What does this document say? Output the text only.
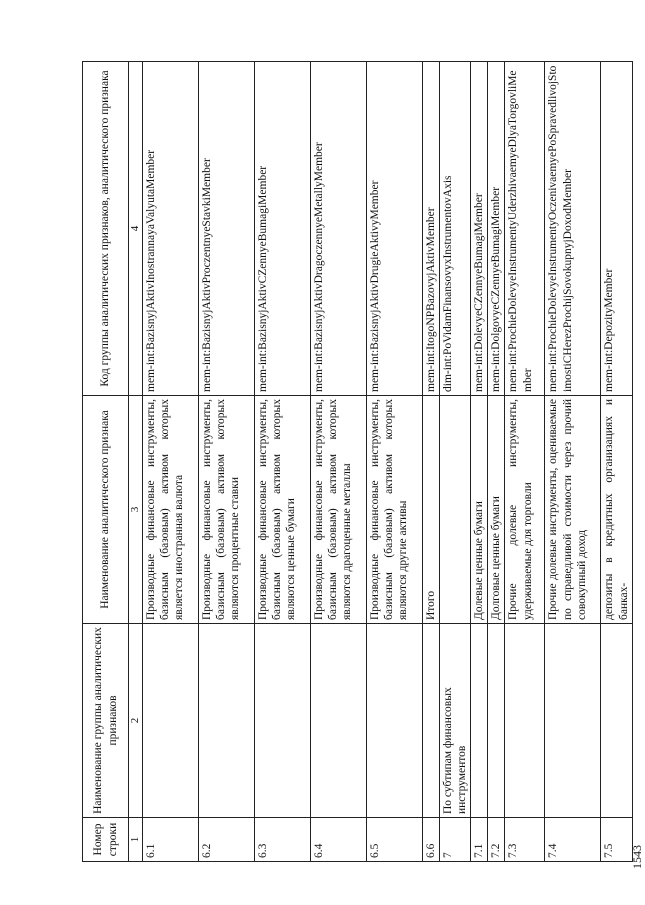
1543
Номер строки	Наименование группы аналитических признаков	Наименование аналитического признака	Код группы аналитических признаков, аналитического признака
1	2	3	4
6.1		Производные финансовые инструменты, базисным (базовым) активом которых является иностранная валюта	mem-int:BazisnyjAktivInostrannayaValyutaMember
6.2		Производные финансовые инструменты, базисным (базовым) активом которых являются процентные ставки	mem-int:BazisnyjAktivProczentnyeStavkiMember
6.3		Производные финансовые инструменты, базисным (базовым) активом которых являются ценные бумаги	mem-int:BazisnyjAktivCZennyeBumagiMember
6.4		Производные финансовые инструменты, базисным (базовым) активом которых являются драгоценные металлы	mem-int:BazisnyjAktivDragoczennyeMetallyMember
6.5		Производные финансовые инструменты, базисным (базовым) активом которых являются другие активы	mem-int:BazisnyjAktivDrugieAktivyMember
6.6		Итого	mem-int:ItogoNPBazovyjAktivMember
7	По субтипам финансовых инструментов		dim-int:PoVidamFinansovyxInstrumentovAxis
7.1		Долевые ценные бумаги	mem-int:DolevyeCZennyeBumagiMember
7.2		Долговые ценные бумаги	mem-int:DolgovyeCZennyeBumagiMember
7.3		Прочие долевые инструменты, удерживаемые для торговли	mem-int:ProchieDolevyeInstrumentyUderzhivaemyeDlyaTorgovliMember
7.4		Прочие долевые инструменты, оцениваемые по справедливой стоимости через прочий совокупный доход	mem-int:ProchieDolevyeInstrumentyOczenivaemyePoSpravedlivojStoimostiCHerezProchijSovokupnyjDoxodMember
7.5		депозиты в кредитных организациях и банках-	mem-int:DepozityMember
